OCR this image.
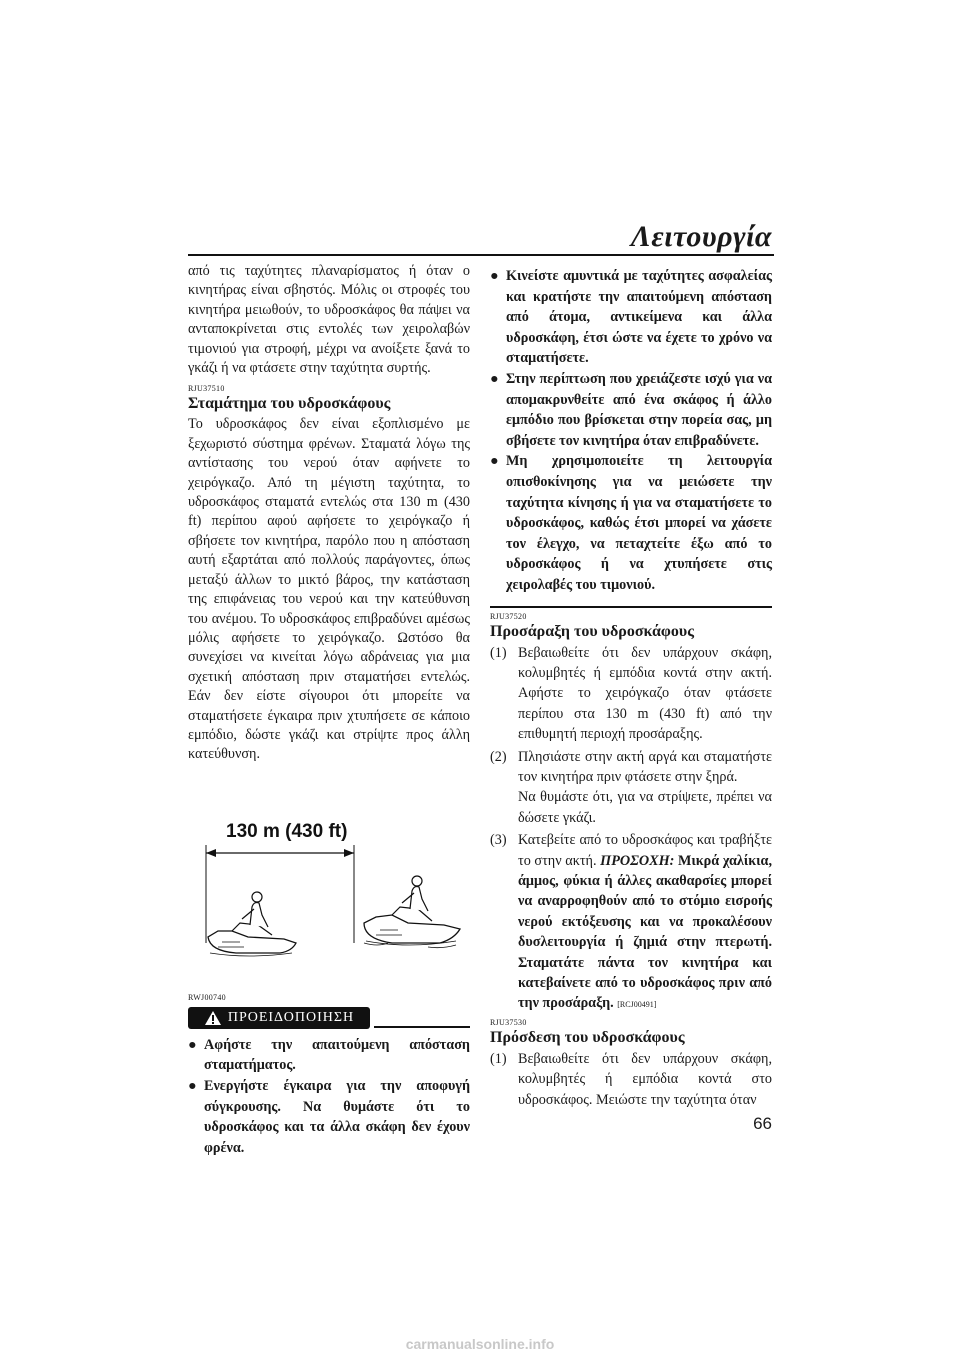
Λειτουργία

από τις ταχύτητες πλαναρίσματος ή όταν ο κινητήρας είναι σβηστός. Μόλις οι στροφές του κινητήρα μειωθούν, το υδροσκάφος θα πάψει να ανταποκρίνεται στις εντολές των χειρολαβών τιμονιού για στροφή, μέχρι να ανοίξετε ξανά το γκάζι ή να φτάσετε στην ταχύτητα συρτής.

RJU37510
Σταμάτημα του υδροσκάφους

Το υδροσκάφος δεν είναι εξοπλισμένο με ξεχωριστό σύστημα φρένων. Σταματά λόγω της αντίστασης του νερού όταν αφήνετε το χειρόγκαζο. Από τη μέγιστη ταχύτητα, το υδροσκάφος σταματά εντελώς στα 130 m (430 ft) περίπου αφού αφήσετε το χειρόγκαζο ή σβήσετε τον κινητήρα, παρόλο που η απόσταση αυτή εξαρτάται από πολλούς παράγοντες, όπως μεταξύ άλλων το μικτό βάρος, την κατάσταση της επιφάνειας του νερού και την κατεύθυνση του ανέμου. Το υδροσκάφος επιβραδύνει αμέσως μόλις αφήσετε το χειρόγκαζο. Ωστόσο θα συνεχίσει να κινείται λόγω αδράνειας για μια σχετική απόσταση πριν σταματήσει εντελώς. Εάν δεν είστε σίγουροι ότι μπορείτε να σταματήσετε έγκαιρα πριν χτυπήσετε σε κάποιο εμπόδιο, δώστε γκάζι και στρίψτε προς άλλη κατεύθυνση.

130 m (430 ft)
RWJ00740
ΠΡΟΕΙΔΟΠΟΙΗΣΗ
● Αφήστε την απαιτούμενη απόσταση σταματήματος.
● Ενεργήστε έγκαιρα για την αποφυγή σύγκρουσης. Να θυμάστε ότι το υδροσκάφος και τα άλλα σκάφη δεν έχουν φρένα.
● Κινείστε αμυντικά με ταχύτητες ασφαλείας και κρατήστε την απαιτούμενη απόσταση από άτομα, αντικείμενα και άλλα υδροσκάφη, έτσι ώστε να έχετε το χρόνο να σταματήσετε.
● Στην περίπτωση που χρειάζεστε ισχύ για να απομακρυνθείτε από ένα σκάφος ή άλλο εμπόδιο που βρίσκεται στην πορεία σας, μη σβήσετε τον κινητήρα όταν επιβραδύνετε.
● Μη χρησιμοποιείτε τη λειτουργία οπισθοκίνησης για να μειώσετε την ταχύτητα κίνησης ή για να σταματήσετε το υδροσκάφος, καθώς έτσι μπορεί να χάσετε τον έλεγχο, να πεταχτείτε έξω από το υδροσκάφος ή να χτυπήσετε στις χειρολαβές του τιμονιού.
RJU37520
Προσάραξη του υδροσκάφους
(1) Βεβαιωθείτε ότι δεν υπάρχουν σκάφη, κολυμβητές ή εμπόδια κοντά στην ακτή. Αφήστε το χειρόγκαζο όταν φτάσετε περίπου στα 130 m (430 ft) από την επιθυμητή περιοχή προσάραξης.
(2) Πλησιάστε στην ακτή αργά και σταματήστε τον κινητήρα πριν φτάσετε στην ξηρά.
Να θυμάστε ότι, για να στρίψετε, πρέπει να δώσετε γκάζι.
(3) Κατεβείτε από το υδροσκάφος και τραβήξτε το στην ακτή. ΠΡΟΣΟΧΗ: Μικρά χαλίκια, άμμος, φύκια ή άλλες ακαθαρσίες μπορεί να αναρροφηθούν από το στόμιο εισροής νερού εκτόξευσης και να προκαλέσουν δυσλειτουργία ή ζημιά στην πτερωτή. Σταματάτε πάντα τον κινητήρα και κατεβαίνετε από το υδροσκάφος πριν από την προσάραξη. [RCJ00491]
RJU37530
Πρόσδεση του υδροσκάφους
(1) Βεβαιωθείτε ότι δεν υπάρχουν σκάφη, κολυμβητές ή εμπόδια κοντά στο υδροσκάφος. Μειώστε την ταχύτητα όταν
66
carmanualsonline.info
